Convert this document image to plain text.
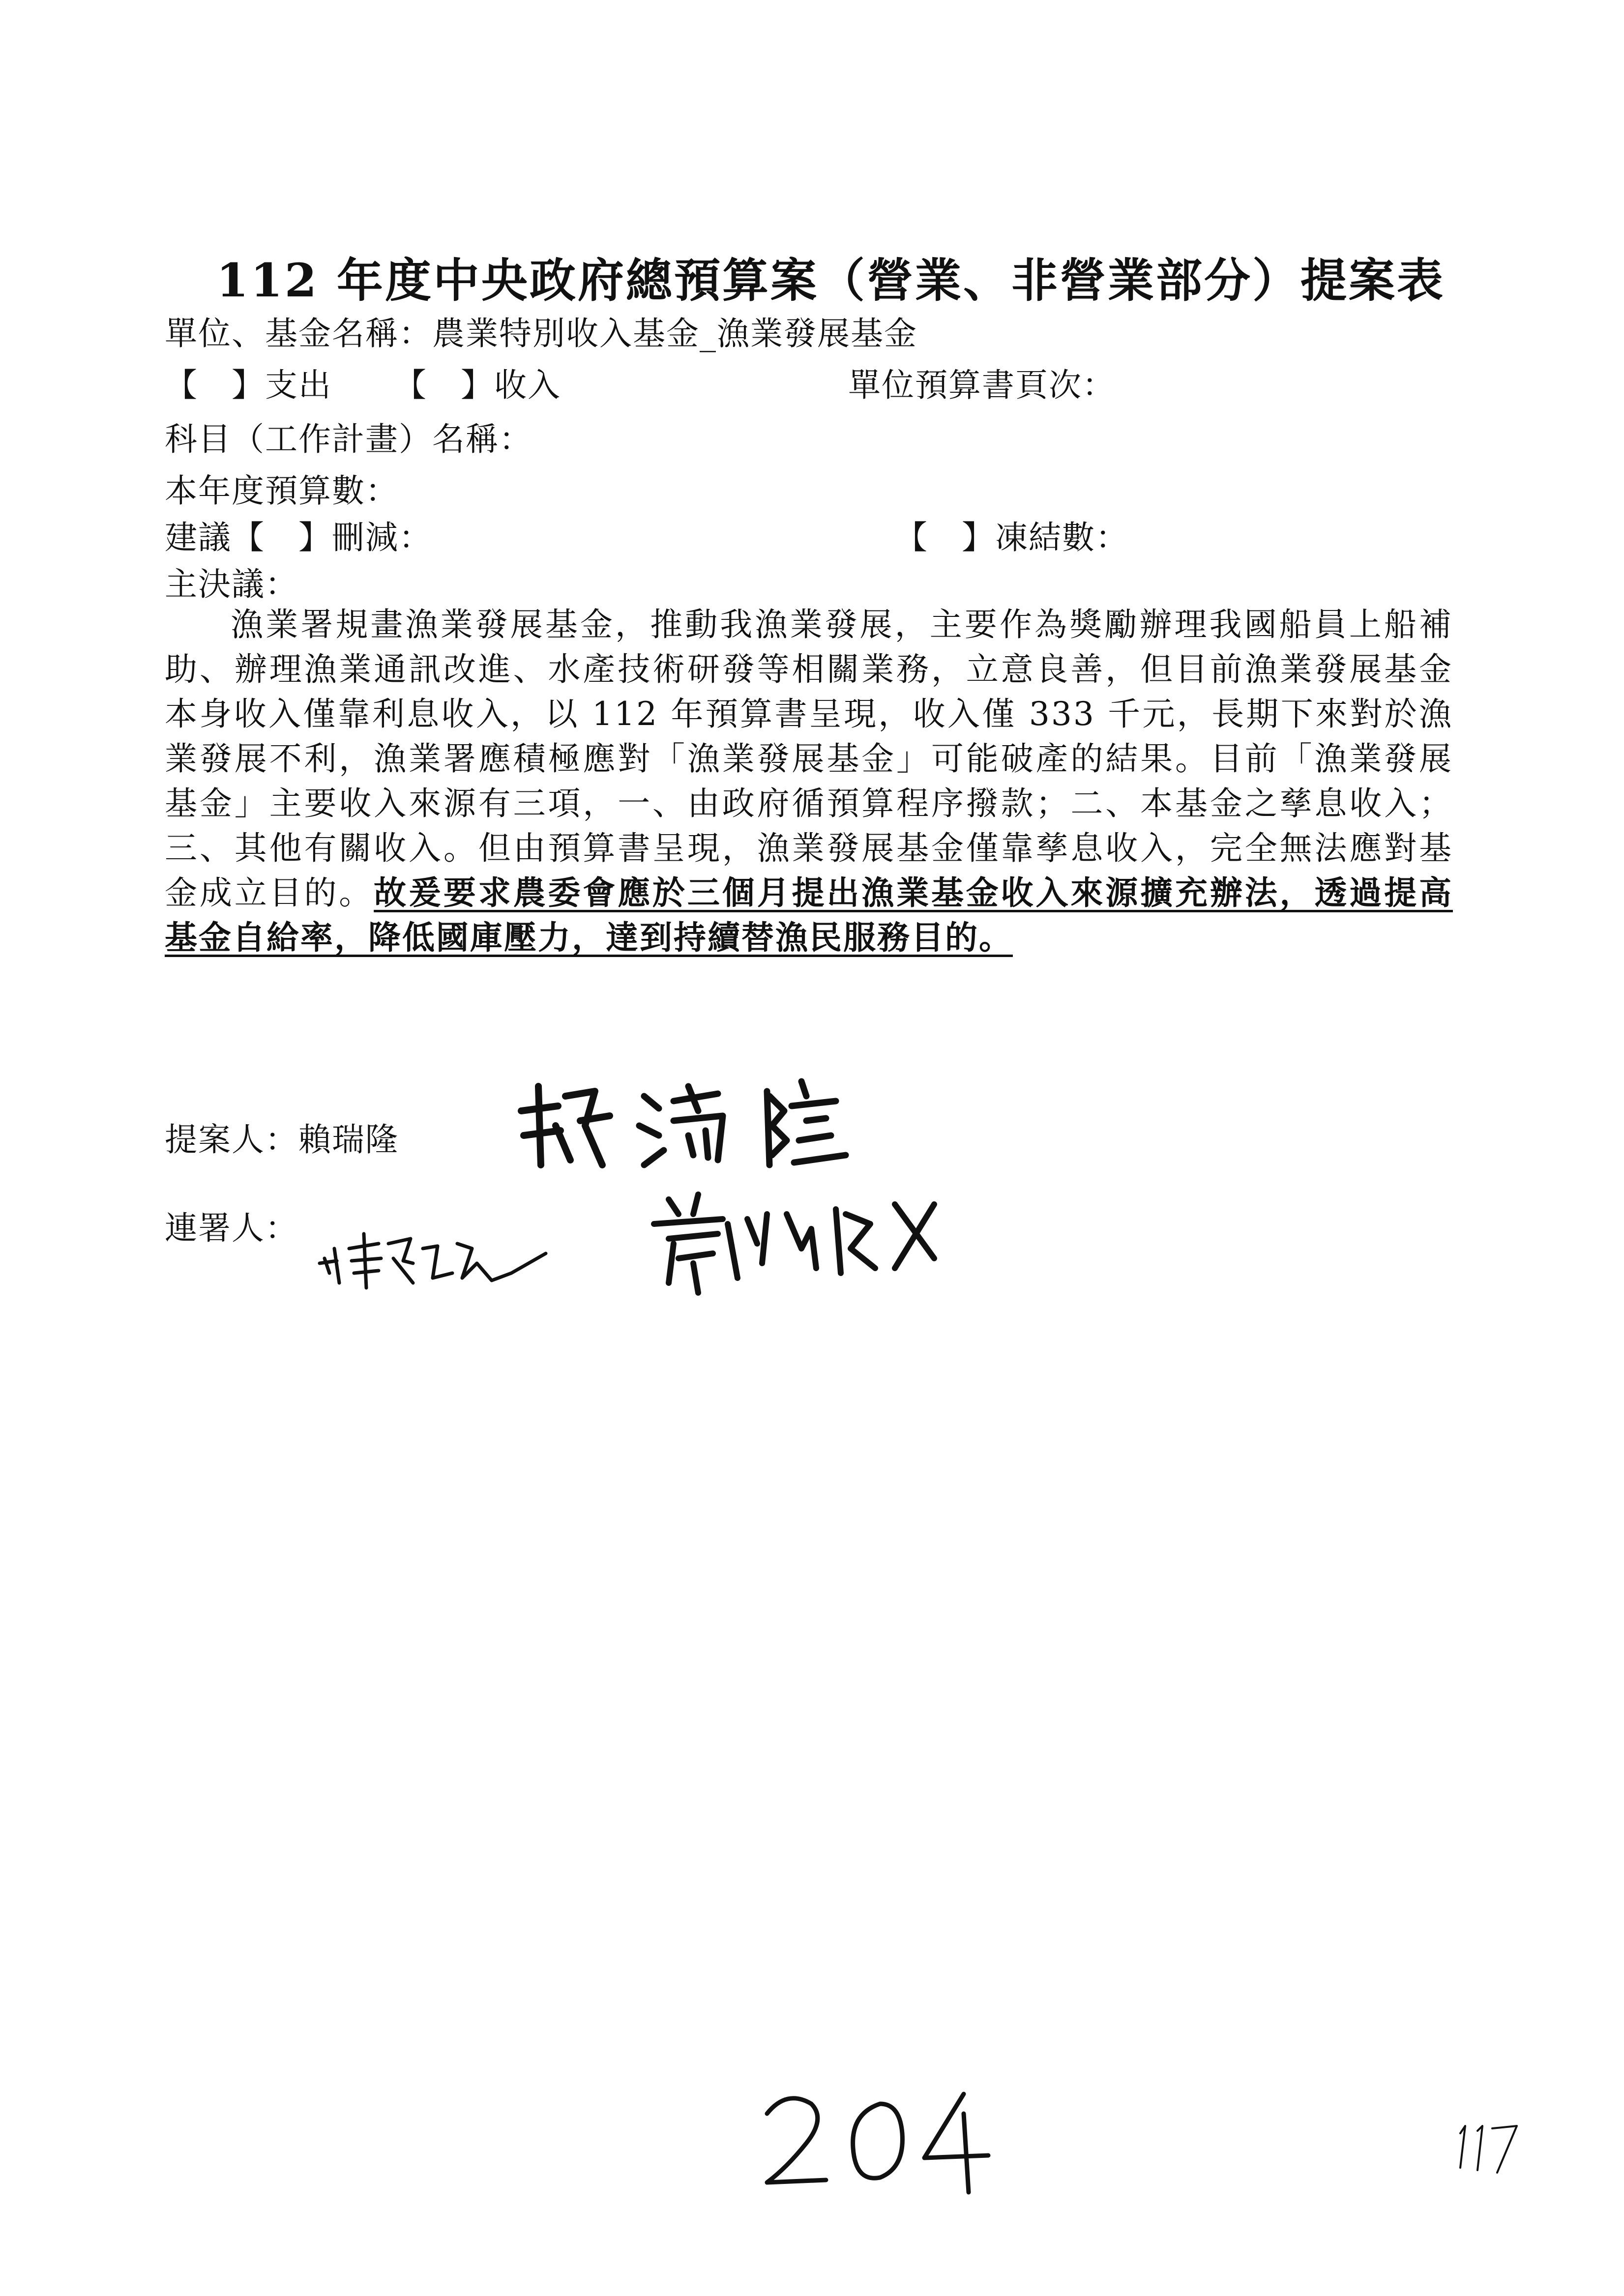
112 年度中央政府總預算案（營業、非營業部分）提案表
單位、基金名稱：農業特別收入基金_漁業發展基金
【　】支出 【　】收入	單位預算書頁次：
科目（工作計畫）名稱：
本年度預算數：
建議【　】刪減：	【　】凍結數：
主決議：
漁業署規畫漁業發展基金，推動我漁業發展，主要作為獎勵辦理我國船員上船補助、辦理漁業通訊改進、水產技術研發等相關業務，立意良善，但目前漁業發展基金本身收入僅靠利息收入，以 112 年預算書呈現，收入僅 333 千元，長期下來對於漁業發展不利，漁業署應積極應對「漁業發展基金」可能破產的結果。目前「漁業發展基金」主要收入來源有三項，一、由政府循預算程序撥款；二、本基金之孳息收入；三、其他有關收入。但由預算書呈現，漁業發展基金僅靠孳息收入，完全無法應對基金成立目的。故爰要求農委會應於三個月提出漁業基金收入來源擴充辦法，透過提高基金自給率，降低國庫壓力，達到持續替漁民服務目的。
提案人：賴瑞隆
連署人：
